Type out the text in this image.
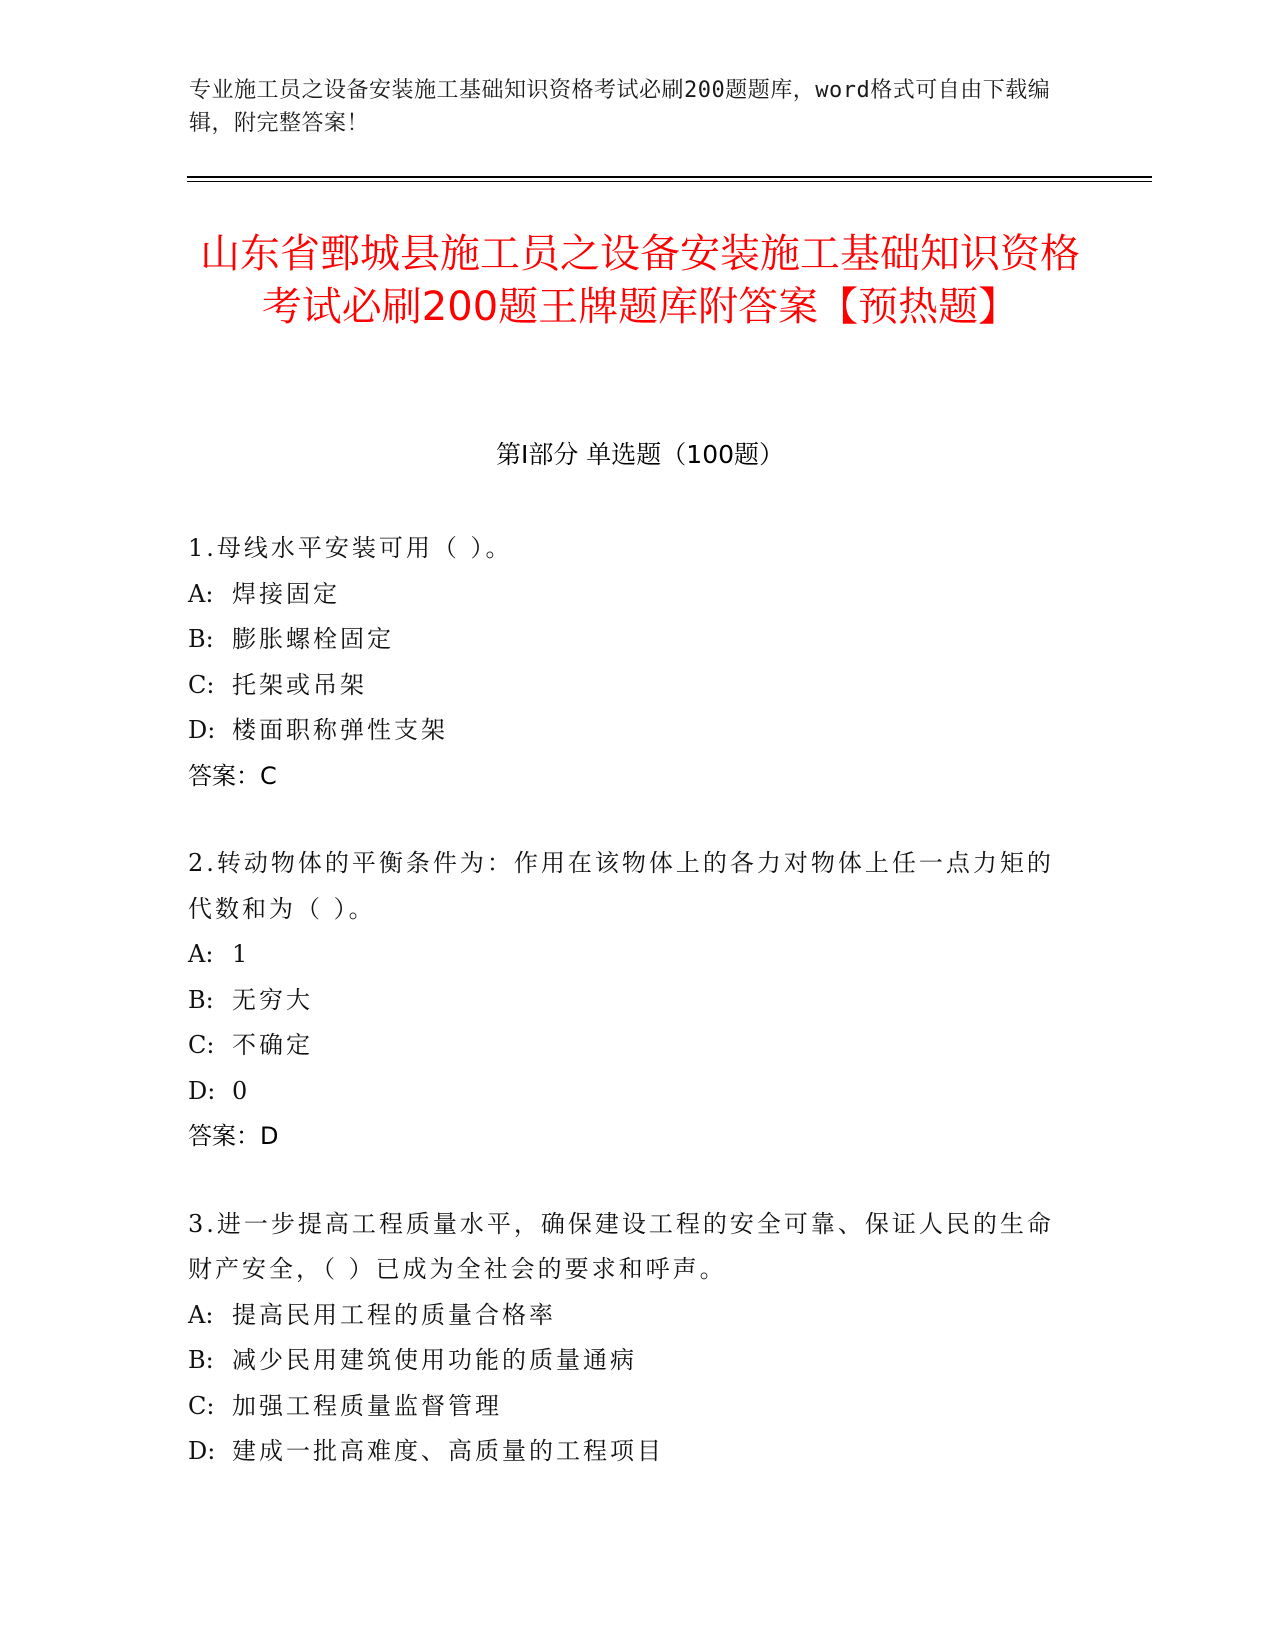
专业施工员之设备安装施工基础知识资格考试必刷200题题库，word格式可自由下载编辑，附完整答案！
山东省鄄城县施工员之设备安装施工基础知识资格考试必刷200题王牌题库附答案【预热题】
第Ⅰ部分 单选题（100题）
1.母线水平安装可用（ ）。
A: 焊接固定
B: 膨胀螺栓固定
C: 托架或吊架
D: 楼面职称弹性支架
答案：C
2.转动物体的平衡条件为：作用在该物体上的各力对物体上任一点力矩的代数和为（ ）。
A: 1
B: 无穷大
C: 不确定
D: 0
答案：D
3.进一步提高工程质量水平，确保建设工程的安全可靠、保证人民的生命财产安全，（ ）已成为全社会的要求和呼声。
A: 提高民用工程的质量合格率
B: 减少民用建筑使用功能的质量通病
C: 加强工程质量监督管理
D: 建成一批高难度、高质量的工程项目
